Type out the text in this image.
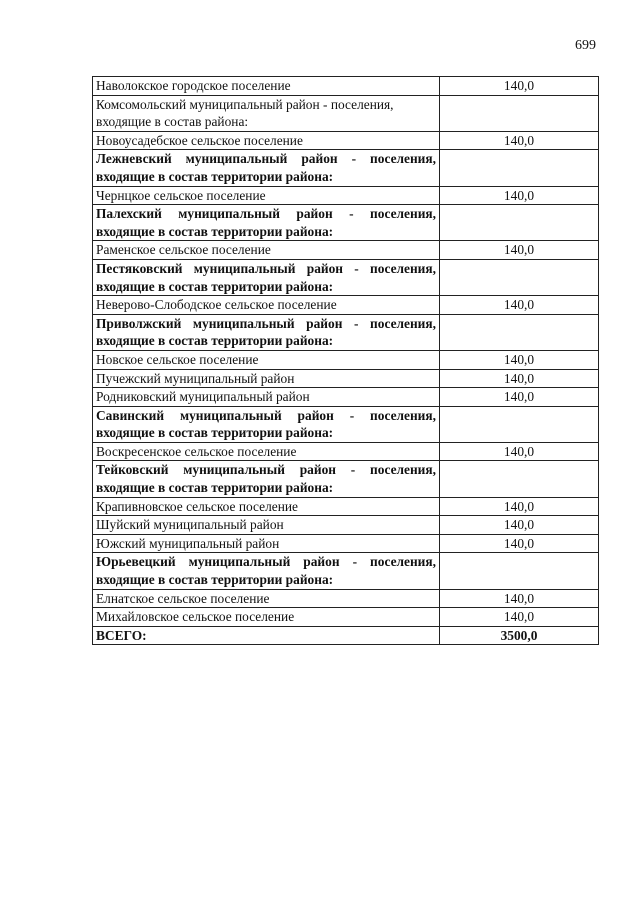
699
Наволокское городское поселение	140,0
Комсомольский муниципальный район - поселения, входящие в состав района:	
Новоусадебское сельское поселение	140,0
Лежневский муниципальный район - поселения, входящие в состав территории района:	
Чернцкое сельское поселение	140,0
Палехский муниципальный район - поселения, входящие в состав территории района:	
Раменское сельское поселение	140,0
Пестяковский муниципальный район - поселения, входящие в состав территории района:	
Неверово-Слободское сельское поселение	140,0
Приволжский муниципальный район - поселения, входящие в состав территории района:	
Новское сельское поселение	140,0
Пучежский муниципальный район	140,0
Родниковский муниципальный район	140,0
Савинский муниципальный район - поселения, входящие в состав территории района:	
Воскресенское сельское поселение	140,0
Тейковский муниципальный район - поселения, входящие в состав территории района:	
Крапивновское сельское поселение	140,0
Шуйский муниципальный район	140,0
Южский муниципальный район	140,0
Юрьевецкий муниципальный район - поселения, входящие в состав территории района:	
Елнатское сельское поселение	140,0
Михайловское сельское поселение	140,0
ВСЕГО:	3500,0
